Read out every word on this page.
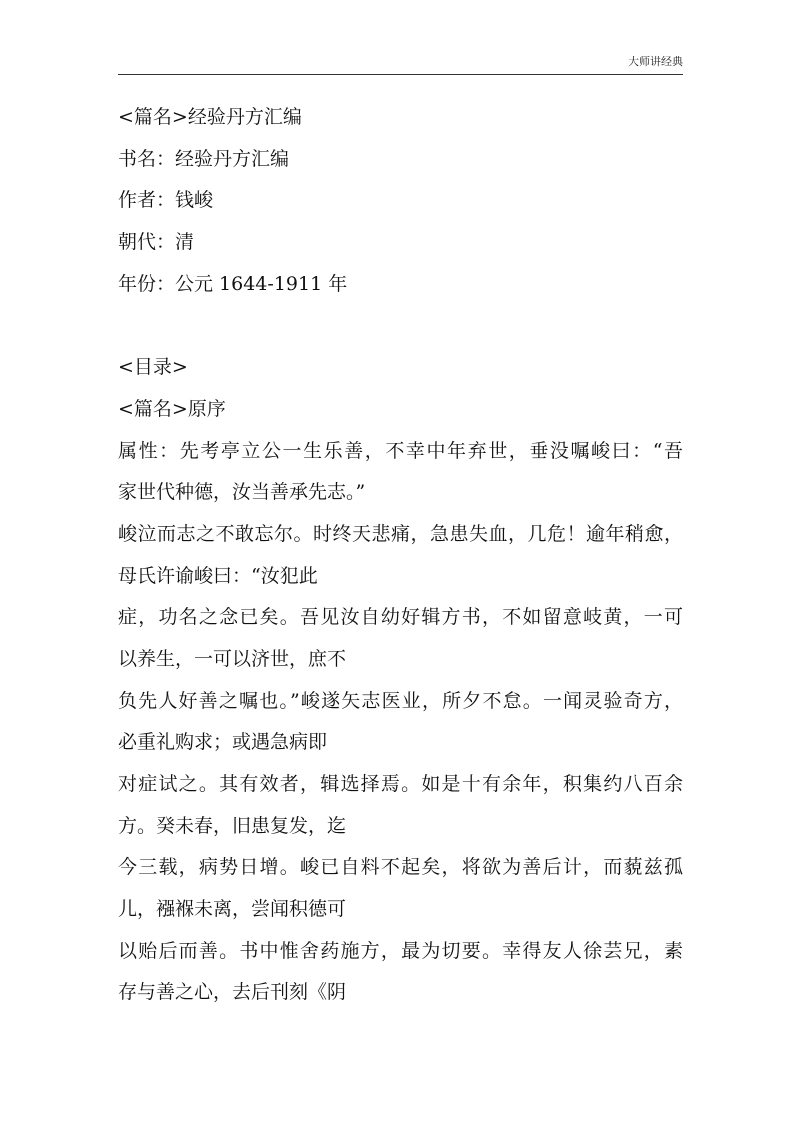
大师讲经典
<篇名>经验丹方汇编
书名：经验丹方汇编
作者：钱峻
朝代：清
年份：公元 1644-1911 年
<目录>
<篇名>原序
属性：先考亭立公一生乐善，不幸中年弃世，垂没嘱峻曰：“吾
家世代种德，汝当善承先志。”
峻泣而志之不敢忘尔。时终天悲痛，急患失血，几危！逾年稍愈，
母氏许谕峻曰：“汝犯此
症，功名之念已矣。吾见汝自幼好辑方书，不如留意岐黄，一可
以养生，一可以济世，庶不
负先人好善之嘱也。”峻遂矢志医业，所夕不怠。一闻灵验奇方，
必重礼购求；或遇急病即
对症试之。其有效者，辑选择焉。如是十有余年，积集约八百余
方。癸未春，旧患复发，迄
今三载，病势日增。峻已自料不起矣，将欲为善后计，而藐兹孤
儿，襁褓未离，尝闻积德可
以贻后而善。书中惟舍药施方，最为切要。幸得友人徐芸兄，素
存与善之心，去后刊刻《阴
